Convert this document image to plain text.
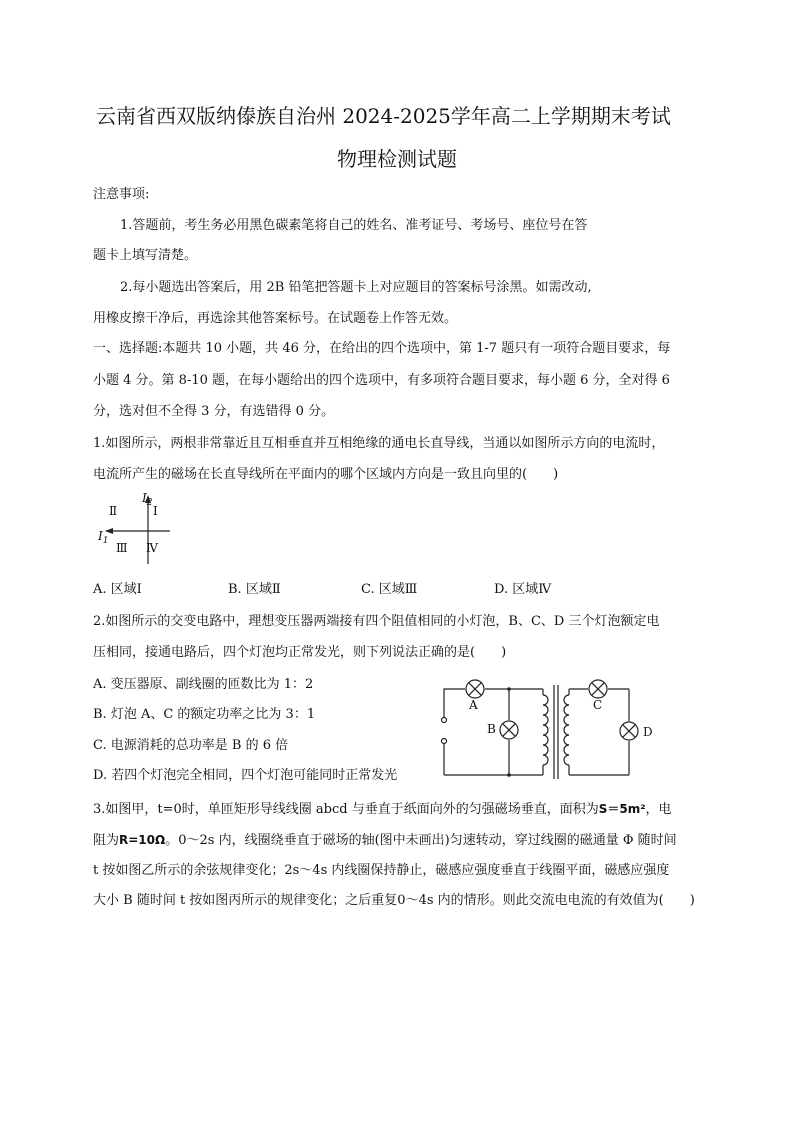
云南省西双版纳傣族自治州 2024-2025学年高二上学期期末考试
物理检测试题
注意事项:
1.答题前，考生务必用黑色碳素笔将自己的姓名、准考证号、考场号、座位号在答
题卡上填写清楚。
2.每小题选出答案后，用 2B 铅笔把答题卡上对应题目的答案标号涂黑。如需改动,
用橡皮擦干净后，再选涂其他答案标号。在试题卷上作答无效。
一、选择题:本题共 10 小题，共 46 分，在给出的四个选项中，第 1-7 题只有一项符合题目要求，每
小题 4 分。第 8-10 题，在每小题给出的四个选项中，有多项符合题目要求，每小题 6 分，全对得 6
分，选对但不全得 3 分，有选错得 0 分。
1.如图所示，两根非常靠近且互相垂直并互相绝缘的通电长直导线，当通以如图所示方向的电流时，
电流所产生的磁场在长直导线所在平面内的哪个区域内方向是一致且向里的(　　)
$I_2$
$I_1$
Ⅰ
Ⅱ
Ⅲ Ⅳ
A. 区域Ⅰ	B. 区域Ⅱ	C. 区域Ⅲ	D. 区域Ⅳ
2.如图所示的交变电路中，理想变压器两端接有四个阻值相同的小灯泡，B、C、D 三个灯泡额定电
压相同，接通电路后，四个灯泡均正常发光，则下列说法正确的是(　　)
A. 变压器原、副线圈的匝数比为 1：2
B. 灯泡 A、C 的额定功率之比为 3：1
C. 电源消耗的总功率是 B 的 6 倍
D. 若四个灯泡完全相同，四个灯泡可能同时正常发光
A
B
C
D
3.如图甲，t=0时，单匝矩形导线线圈 abcd 与垂直于纸面向外的匀强磁场垂直，面积为S＝5m²，电
阻为R=10Ω。0～2s 内，线圈绕垂直于磁场的轴(图中未画出)匀速转动，穿过线圈的磁通量 Φ 随时间
t 按如图乙所示的余弦规律变化；2s～4s 内线圈保持静止，磁感应强度垂直于线圈平面，磁感应强度
大小 B 随时间 t 按如图丙所示的规律变化；之后重复0～4s 内的情形。则此交流电电流的有效值为(　　)
